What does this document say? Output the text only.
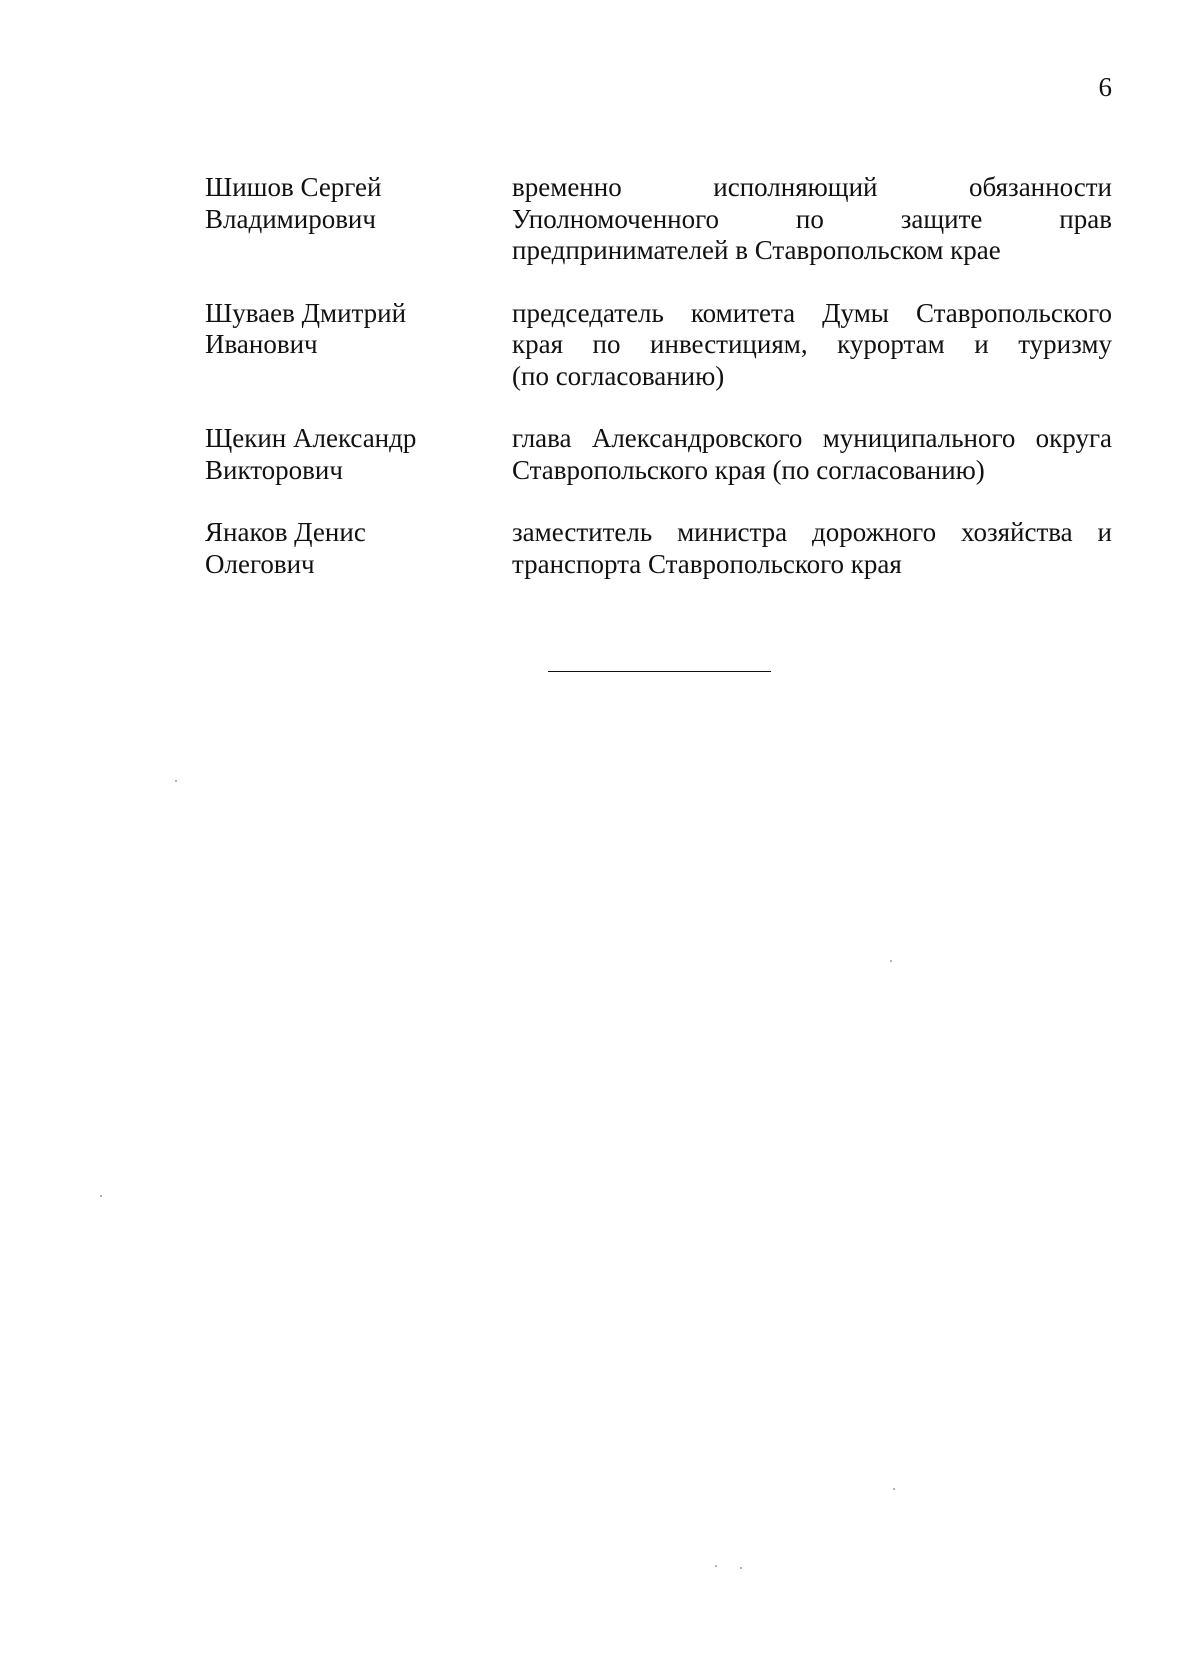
6
Шишов Сергей
Владимирович
временно исполняющий обязанности
Уполномоченного по защите прав
предпринимателей в Ставропольском крае
Шуваев Дмитрий
Иванович
председатель комитета Думы Ставропольского
края по инвестициям, курортам и туризму
(по согласованию)
Щекин Александр
Викторович
глава Александровского муниципального округа
Ставропольского края (по согласованию)
Янаков Денис
Олегович
заместитель министра дорожного хозяйства и
транспорта Ставропольского края
